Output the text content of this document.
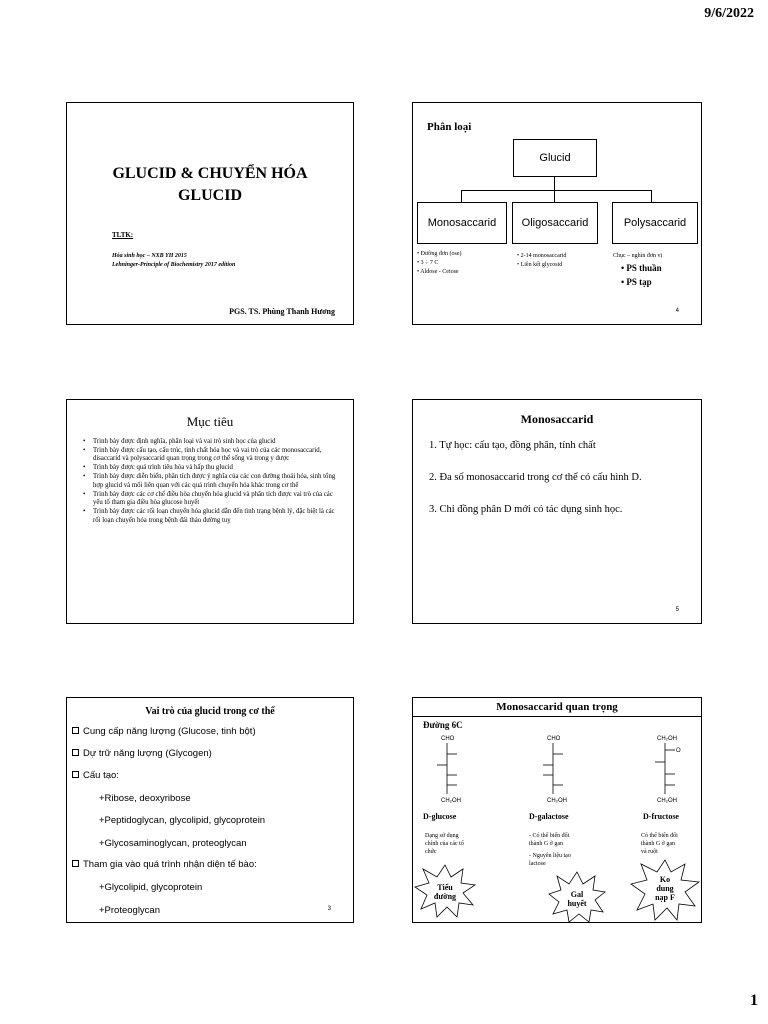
9/6/2022
1
GLUCID & CHUYỂN HÓA
GLUCID
TLTK:
Hóa sinh học – NXB YH 2015
Lehninger-Principle of Biochemistry 2017 edition
PGS. TS. Phùng Thanh Hương
Phân loại
Glucid
Monosaccarid	Oligosaccarid	Polysaccarid
• Đường đơn (ose)
• 3 ÷ 7 C
• Aldose - Cetose
• 2-14 monosaccarid
• Liên kết glycosid
Chục – nghìn đơn vị
• PS thuần
• PS tạp
4
Mục tiêu
• Trình bày được định nghĩa, phân loại và vai trò sinh học của glucid
• Trình bày được cấu tạo, cấu trúc, tính chất hóa học và vai trò của các monosaccarid, disaccarid và polysaccarid quan trọng trong cơ thể sống và trong y dược
• Trình bày được quá trình tiêu hóa và hấp thu glucid
• Trình bày được diễn biến, phân tích được ý nghĩa của các con đường thoái hóa, sinh tổng hợp glucid và mối liên quan với các quá trình chuyển hóa khác trong cơ thể
• Trình bày được các cơ chế điều hòa chuyển hóa glucid và phân tích được vai trò của các yếu tố tham gia điều hòa glucose huyết
• Trình bày được các rối loạn chuyển hóa glucid dẫn đến tình trạng bệnh lý, đặc biệt là các rối loạn chuyển hóa trong bệnh đái tháo đường tuỵ
Monosaccarid
1. Tự học: cấu tạo, đồng phân, tính chất
2. Đa số monosaccarid trong cơ thể có cấu hình D.
3. Chỉ đồng phân D mới có tác dụng sinh học.
5
Vai trò của glucid trong cơ thể
Cung cấp năng lượng (Glucose, tinh bột)
Dự trữ năng lượng (Glycogen)
Cấu tạo:
+Ribose, deoxyribose
+Peptidoglycan, glycolipid, glycoprotein
+Glycosaminoglycan, proteoglycan
Tham gia vào quá trình nhận diện tế bào:
+Glycolipid, glycoprotein
+Proteoglycan	3
Monosaccarid quan trọng
Đường 6C
CHO
CH₂OH
CHO
CH₂OH
CH₂OH
O
CH₂OH
D-glucose	D-galactose	D-fructose
Dạng sử dụng
chính của các tổ
chức
- Có thể biến đổi
thành G ở gan
- Nguyên liệu tạo
lactose
Có thể biến đổi
thành G ở gan
và ruột
Tiểu
đường	Gal
huyết
Ko
dung
nạp F
